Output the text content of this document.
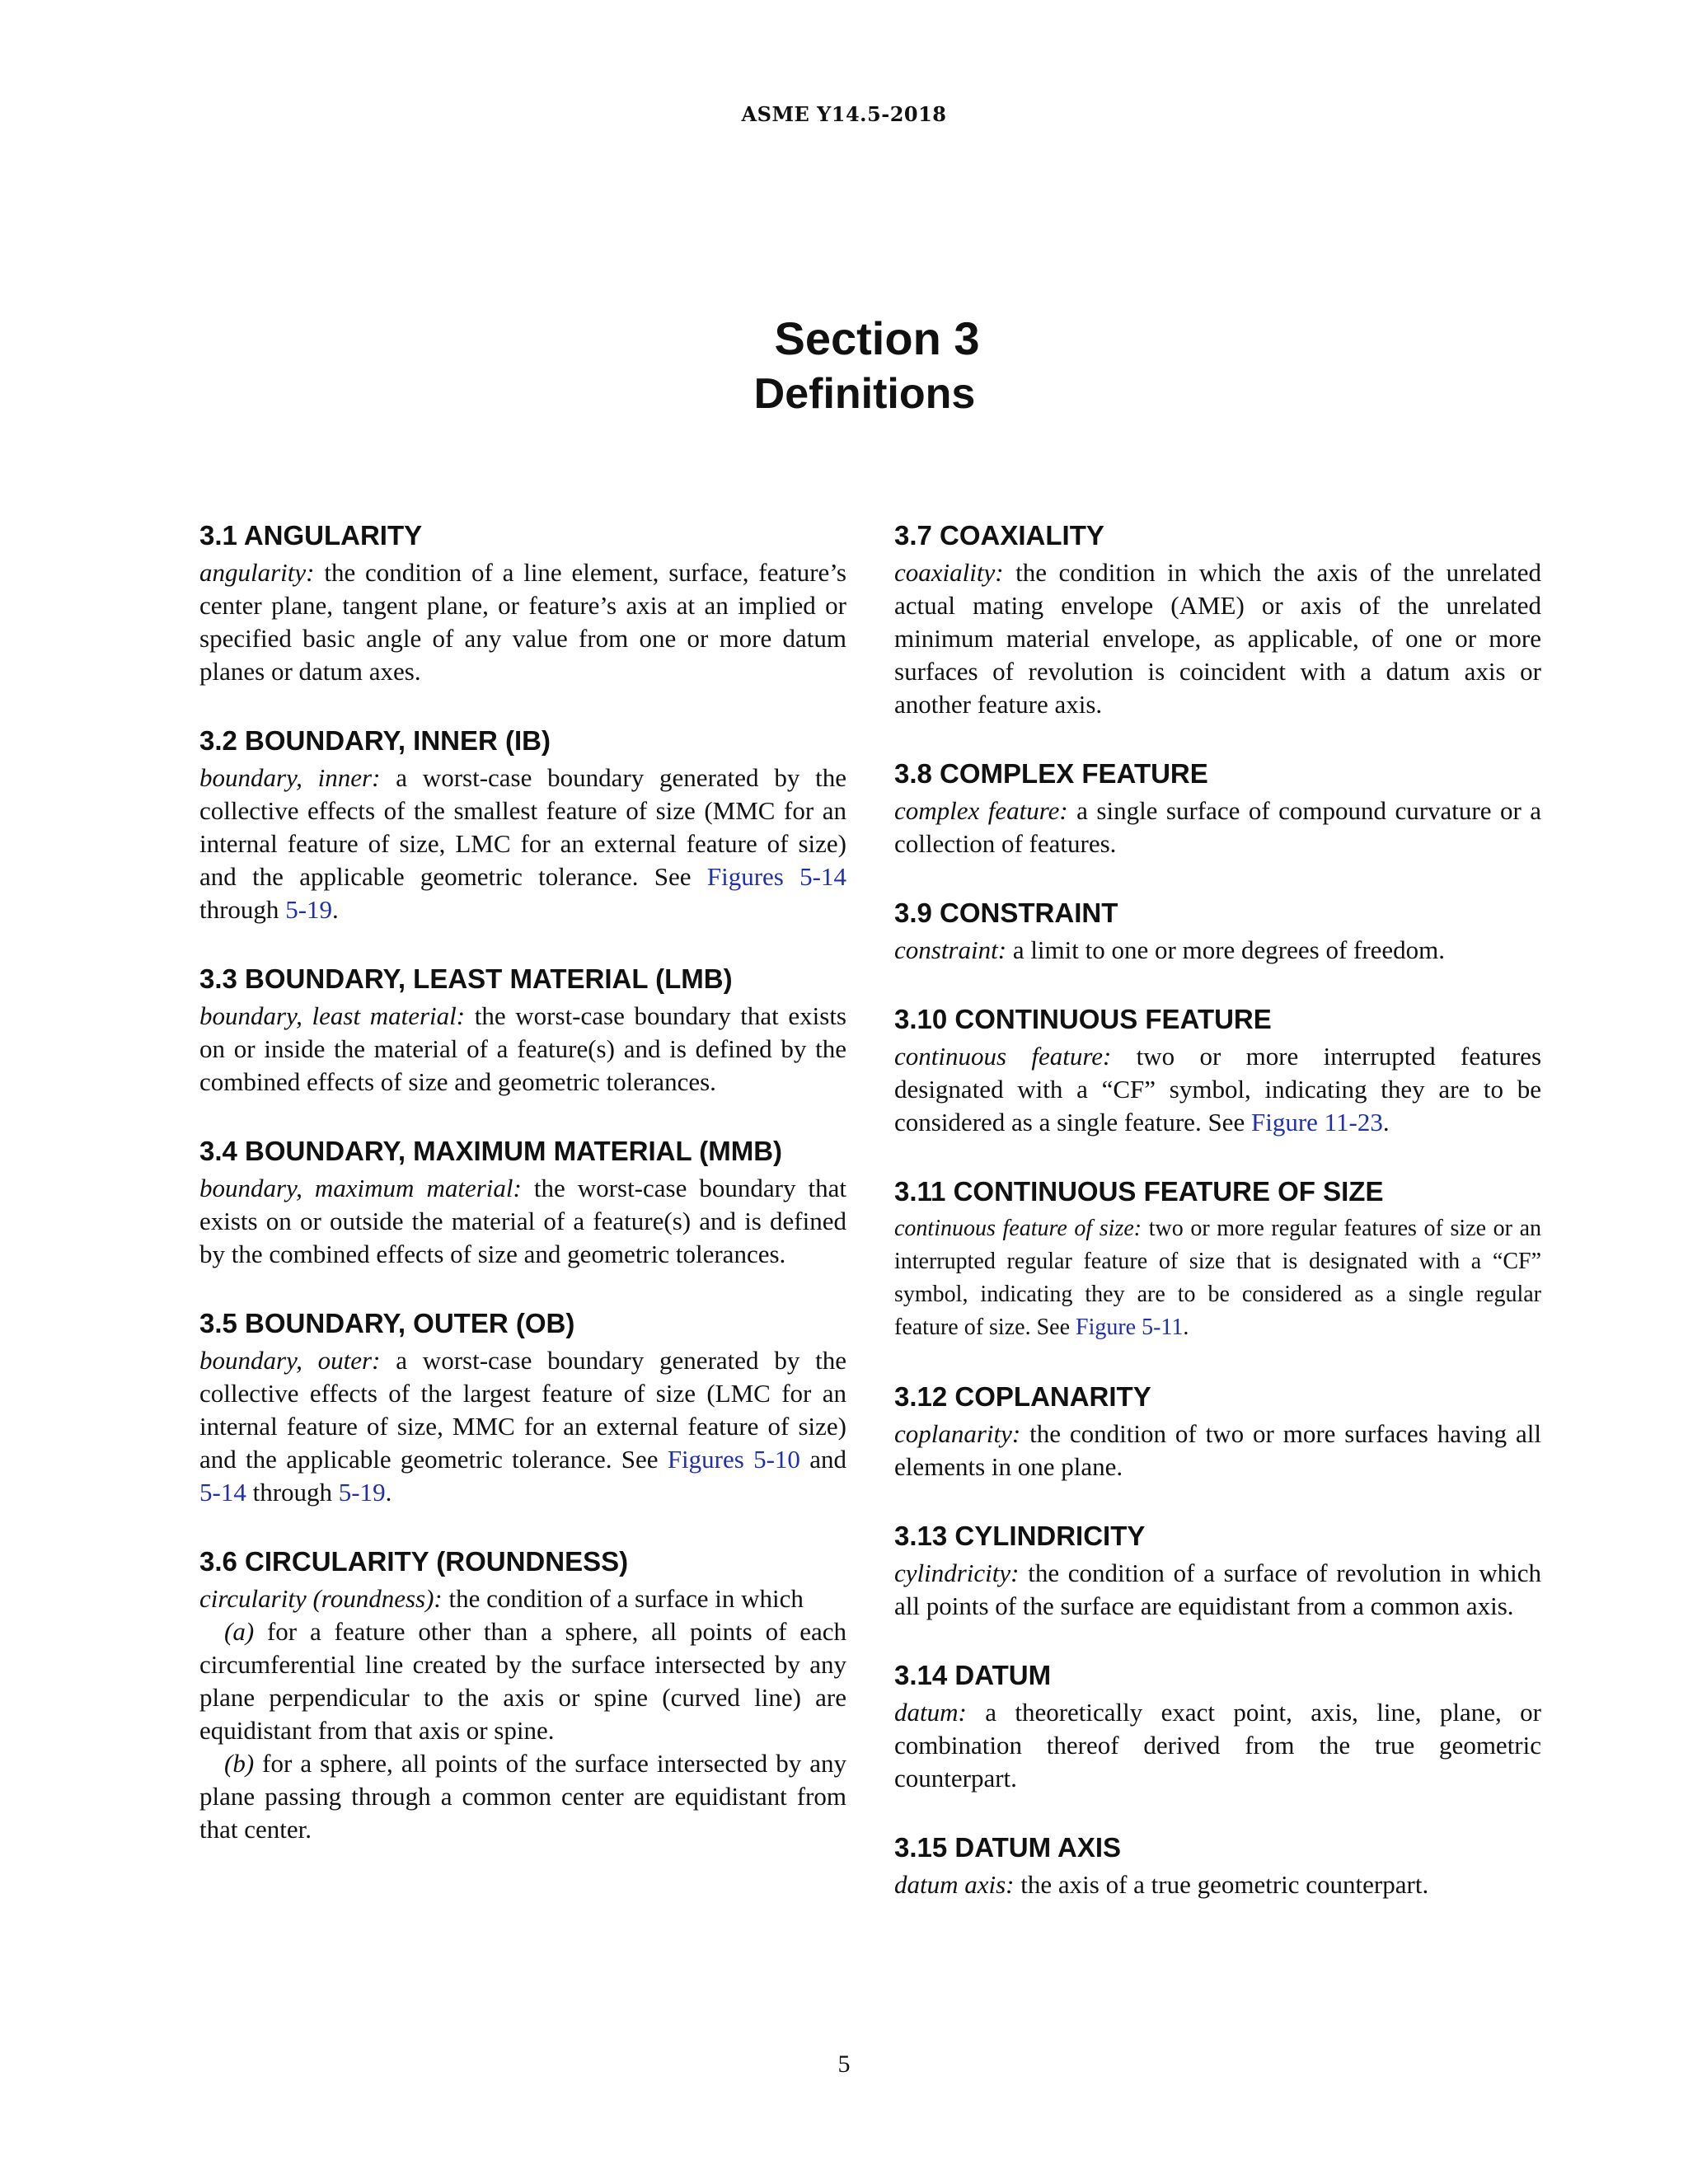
ASME Y14.5-2018
Section 3
Definitions

3.1 ANGULARITY

angularity: the condition of a line element, surface, feature’s center plane, tangent plane, or feature’s axis at an implied or specified basic angle of any value from one or more datum planes or datum axes.

3.2 BOUNDARY, INNER (IB)

boundary, inner: a worst-case boundary generated by the collective effects of the smallest feature of size (MMC for an internal feature of size, LMC for an external feature of size) and the applicable geometric tolerance. See Figures 5-14 through 5-19.

3.3 BOUNDARY, LEAST MATERIAL (LMB)

boundary, least material: the worst-case boundary that exists on or inside the material of a feature(s) and is defined by the combined effects of size and geometric tolerances.

3.4 BOUNDARY, MAXIMUM MATERIAL (MMB)

boundary, maximum material: the worst-case boundary that exists on or outside the material of a feature(s) and is defined by the combined effects of size and geometric tolerances.

3.5 BOUNDARY, OUTER (OB)

boundary, outer: a worst-case boundary generated by the collective effects of the largest feature of size (LMC for an internal feature of size, MMC for an external feature of size) and the applicable geometric tolerance. See Figures 5-10 and 5-14 through 5-19.

3.6 CIRCULARITY (ROUNDNESS)

circularity (roundness): the condition of a surface in which

(a) for a feature other than a sphere, all points of each circumferential line created by the surface intersected by any plane perpendicular to the axis or spine (curved line) are equidistant from that axis or spine.

(b) for a sphere, all points of the surface intersected by any plane passing through a common center are equidistant from that center.

3.7 COAXIALITY

coaxiality: the condition in which the axis of the unrelated actual mating envelope (AME) or axis of the unrelated minimum material envelope, as applicable, of one or more surfaces of revolution is coincident with a datum axis or another feature axis.

3.8 COMPLEX FEATURE

complex feature: a single surface of compound curvature or a collection of features.

3.9 CONSTRAINT

constraint: a limit to one or more degrees of freedom.

3.10 CONTINUOUS FEATURE

continuous feature: two or more interrupted features designated with a “CF” symbol, indicating they are to be considered as a single feature. See Figure 11-23.

3.11 CONTINUOUS FEATURE OF SIZE

continuous feature of size: two or more regular features of size or an interrupted regular feature of size that is designated with a “CF” symbol, indicating they are to be considered as a single regular feature of size. See Figure 5-11.

3.12 COPLANARITY

coplanarity: the condition of two or more surfaces having all elements in one plane.

3.13 CYLINDRICITY

cylindricity: the condition of a surface of revolution in which all points of the surface are equidistant from a common axis.

3.14 DATUM

datum: a theoretically exact point, axis, line, plane, or combination thereof derived from the true geometric counterpart.

3.15 DATUM AXIS

datum axis: the axis of a true geometric counterpart.

5
